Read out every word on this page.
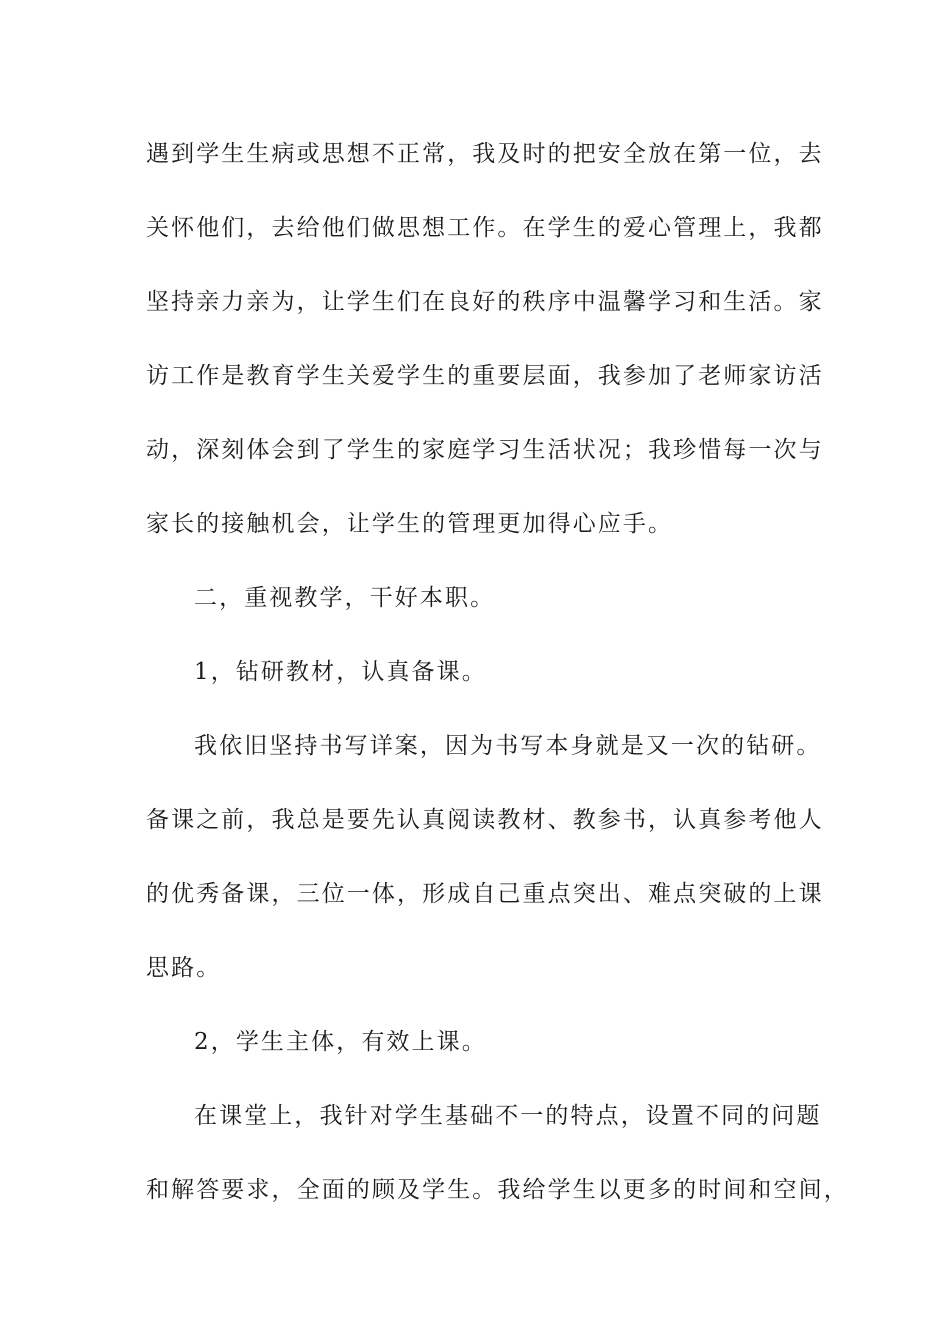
遇到学生生病或思想不正常，我及时的把安全放在第一位，去
关怀他们，去给他们做思想工作。在学生的爱心管理上，我都
坚持亲力亲为，让学生们在良好的秩序中温馨学习和生活。家
访工作是教育学生关爱学生的重要层面，我参加了老师家访活
动，深刻体会到了学生的家庭学习生活状况；我珍惜每一次与
家长的接触机会，让学生的管理更加得心应手。
二，重视教学，干好本职。
1，钻研教材，认真备课。
我依旧坚持书写详案，因为书写本身就是又一次的钻研。
备课之前，我总是要先认真阅读教材、教参书，认真参考他人
的优秀备课，三位一体，形成自己重点突出、难点突破的上课
思路。
2，学生主体，有效上课。
在课堂上，我针对学生基础不一的特点，设置不同的问题
和解答要求，全面的顾及学生。我给学生以更多的时间和空间，
